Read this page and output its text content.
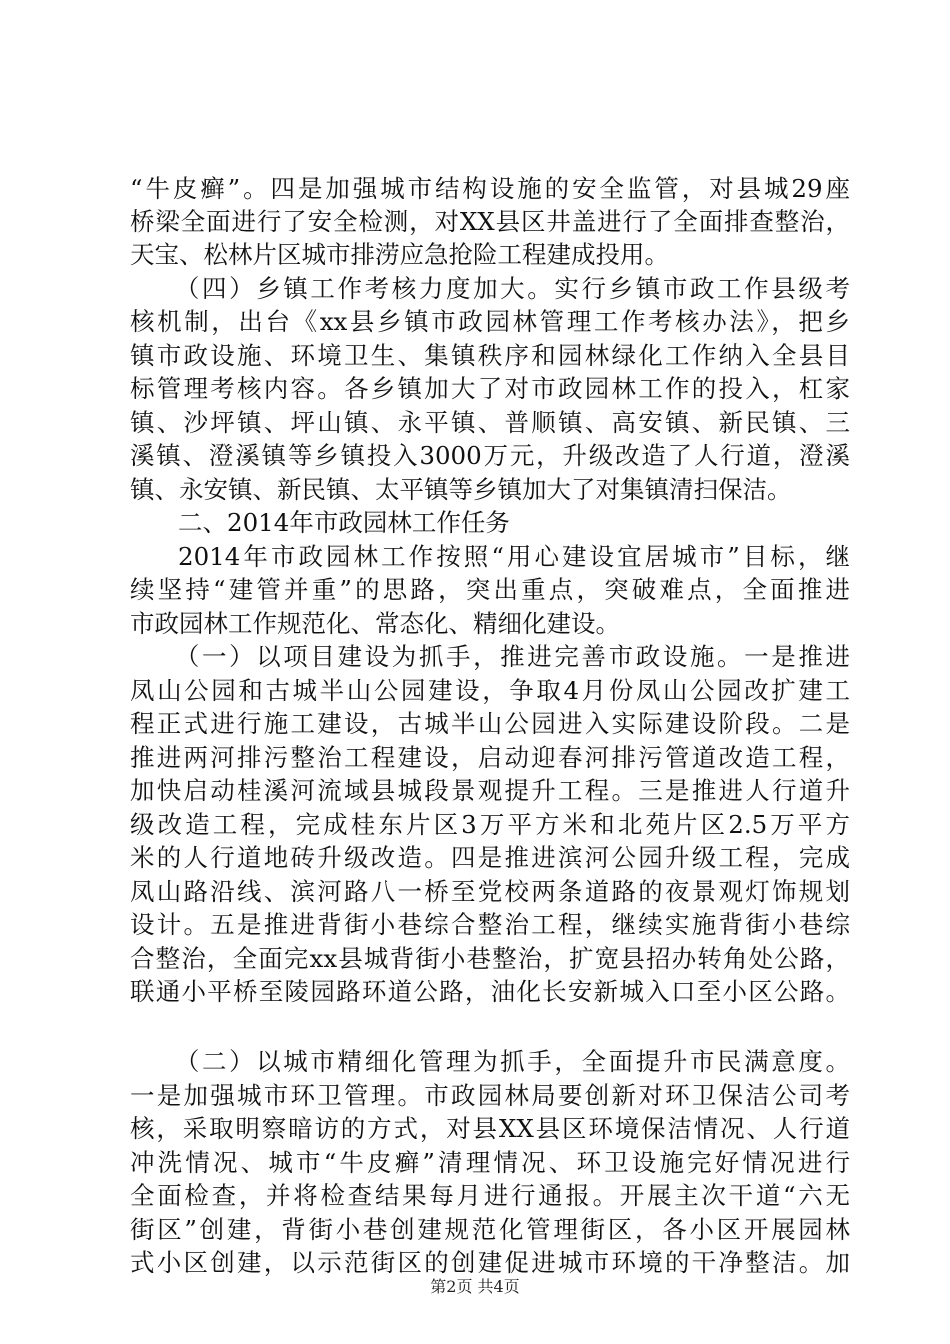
“牛皮癣”。四是加强城市结构设施的安全监管，对县城29座
桥梁全面进行了安全检测，对XX县区井盖进行了全面排查整治，
天宝、松林片区城市排涝应急抢险工程建成投用。
　（四）乡镇工作考核力度加大。实行乡镇市政工作县级考
核机制，出台《xx县乡镇市政园林管理工作考核办法》，把乡
镇市政设施、环境卫生、集镇秩序和园林绿化工作纳入全县目
标管理考核内容。各乡镇加大了对市政园林工作的投入，杠家
镇、沙坪镇、坪山镇、永平镇、普顺镇、高安镇、新民镇、三
溪镇、澄溪镇等乡镇投入3000万元，升级改造了人行道，澄溪
镇、永安镇、新民镇、太平镇等乡镇加大了对集镇清扫保洁。
二、2014年市政园林工作任务
2014年市政园林工作按照“用心建设宜居城市”目标，继
续坚持“建管并重”的思路，突出重点，突破难点，全面推进
市政园林工作规范化、常态化、精细化建设。
　（一）以项目建设为抓手，推进完善市政设施。一是推进
凤山公园和古城半山公园建设，争取4月份凤山公园改扩建工
程正式进行施工建设，古城半山公园进入实际建设阶段。二是
推进两河排污整治工程建设，启动迎春河排污管道改造工程，
加快启动桂溪河流域县城段景观提升工程。三是推进人行道升
级改造工程，完成桂东片区3万平方米和北苑片区2.5万平方
米的人行道地砖升级改造。四是推进滨河公园升级工程，完成
凤山路沿线、滨河路八一桥至党校两条道路的夜景观灯饰规划
设计。五是推进背街小巷综合整治工程，继续实施背街小巷综
合整治，全面完xx县城背街小巷整治，扩宽县招办转角处公路，
联通小平桥至陵园路环道公路，油化长安新城入口至小区公路。
　（二）以城市精细化管理为抓手，全面提升市民满意度。
一是加强城市环卫管理。市政园林局要创新对环卫保洁公司考
核，采取明察暗访的方式，对县XX县区环境保洁情况、人行道
冲洗情况、城市“牛皮癣”清理情况、环卫设施完好情况进行
全面检查，并将检查结果每月进行通报。开展主次干道“六无
街区”创建，背街小巷创建规范化管理街区，各小区开展园林
式小区创建，以示范街区的创建促进城市环境的干净整洁。加
第2页 共4页
